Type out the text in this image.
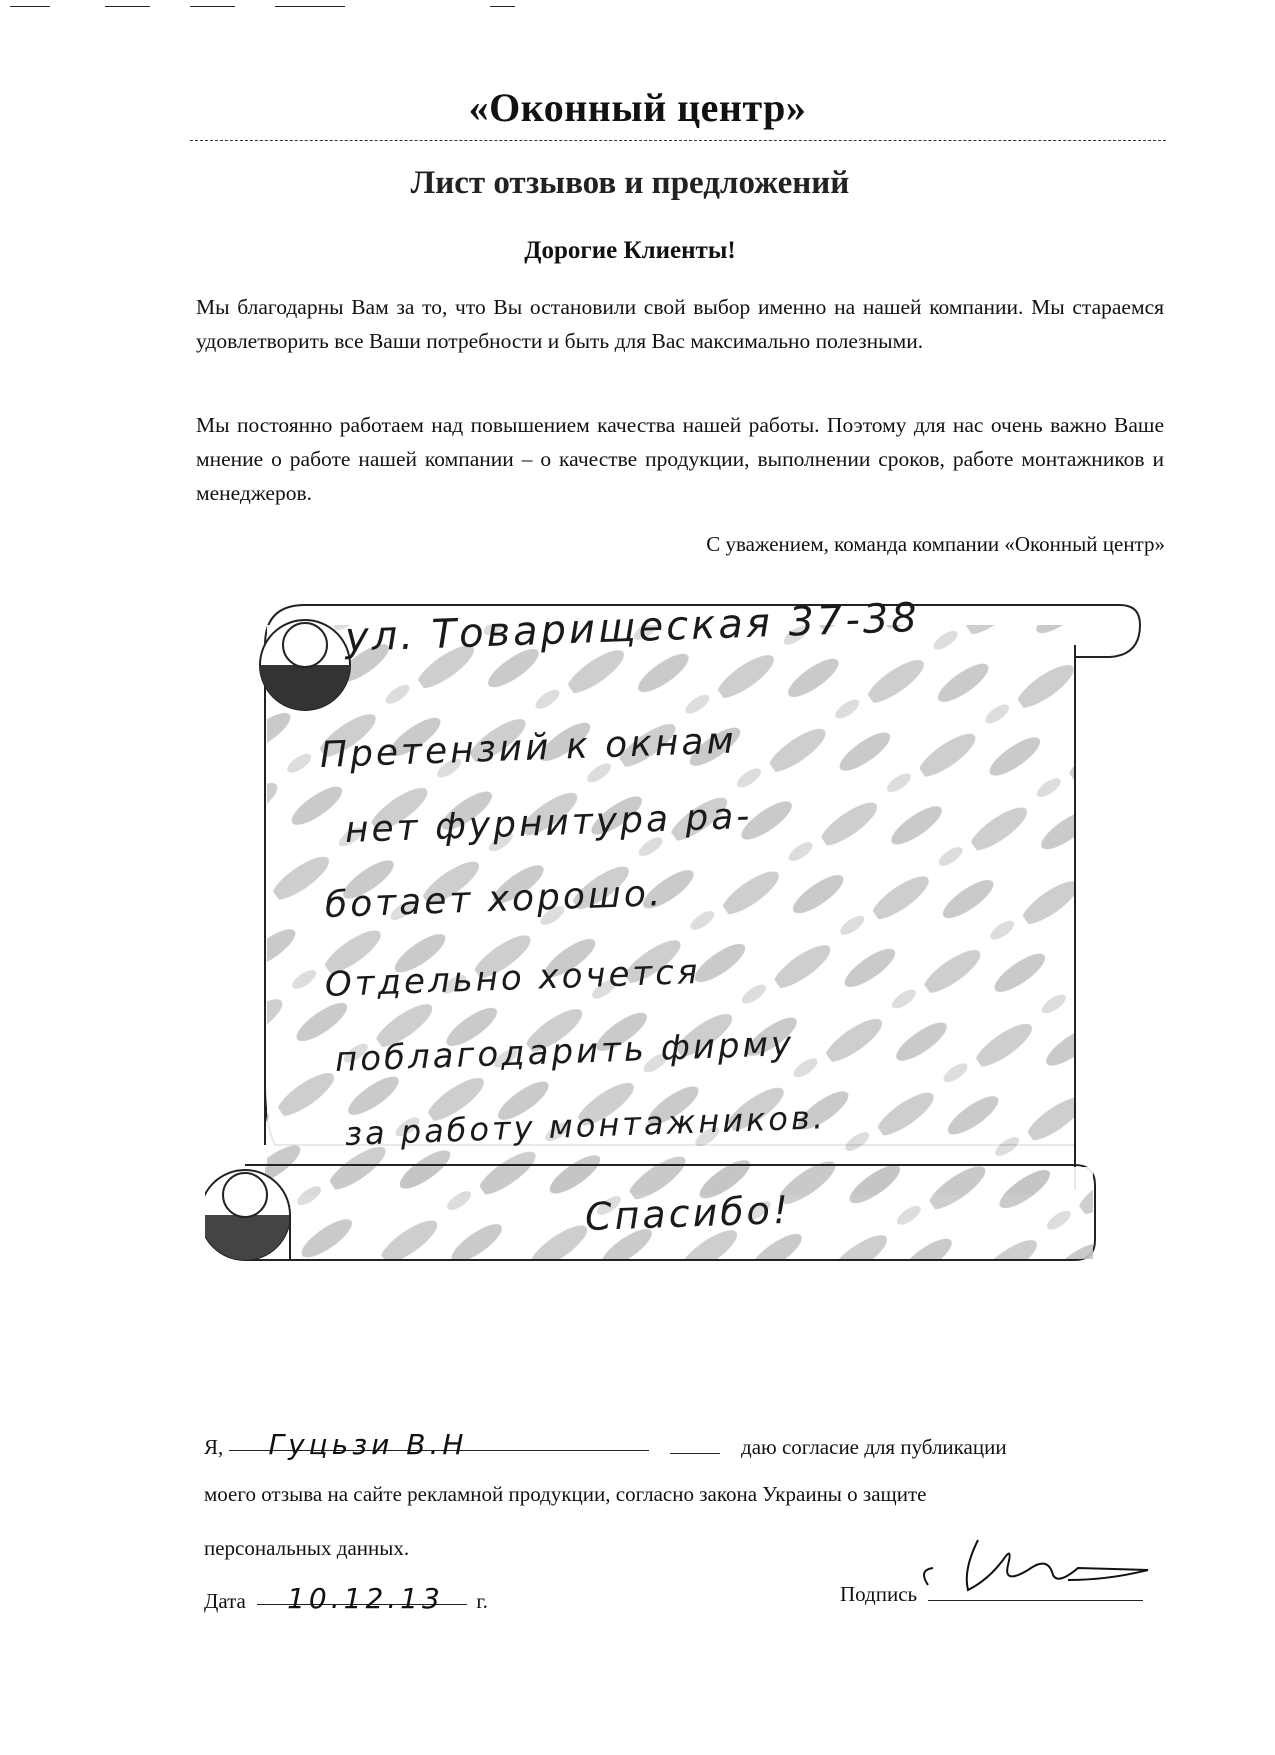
«Оконный центр»
Лист отзывов и предложений
Дорогие Клиенты!
Мы благодарны Вам за то, что Вы остановили свой выбор именно на нашей компании. Мы стараемся удовлетворить все Ваши потребности и быть для Вас максимально полезными.
Мы постоянно работаем над повышением качества нашей работы. Поэтому для нас очень важно Ваше мнение о работе нашей компании – о качестве продукции, выполнении сроков, работе монтажников и менеджеров.
С уважением, команда компании «Оконный центр»
ул. Товарищеская 37-38
Претензий к окнам
нет фурнитура ра-
ботает хорошо.
Отдельно хочется
поблагодарить фирму
за работу монтажников.
Спасибо!
Я, Гуцьзи В.Н	даю согласие для публикации
моего отзыва на сайте рекламной продукции, согласно закона Украины о защите
персональных данных.
Дата 10.12.13 г.	Подпись
